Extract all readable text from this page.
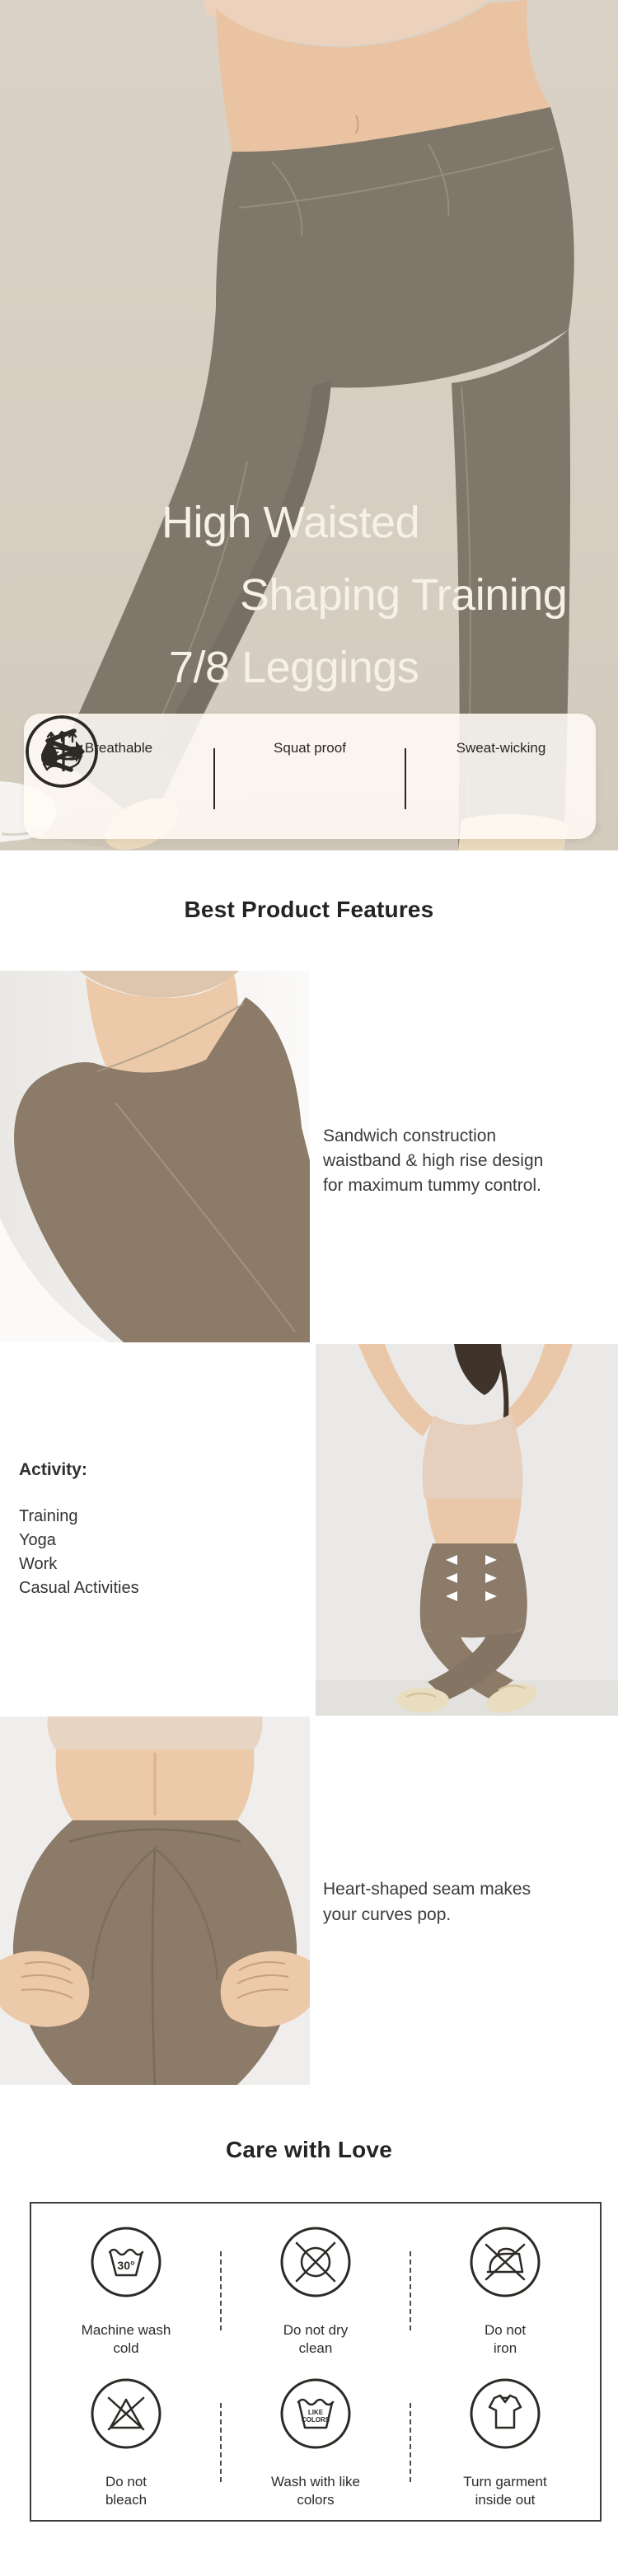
High Waisted
Shaping Training
7/8 Leggings
Breathable	Squat proof	Sweat-wicking
Best Product Features
Sandwich construction
waistband & high rise design
for maximum tummy control.
Activity:
Training
Yoga
Work
Casual Activities
Heart-shaped seam makes
your curves pop.
Care with Love
30°
Machine wash
cold
Do not dry
clean
Do not
iron
Do not
bleach
LIKE
COLORS
Wash with like
colors
Turn garment
inside out
